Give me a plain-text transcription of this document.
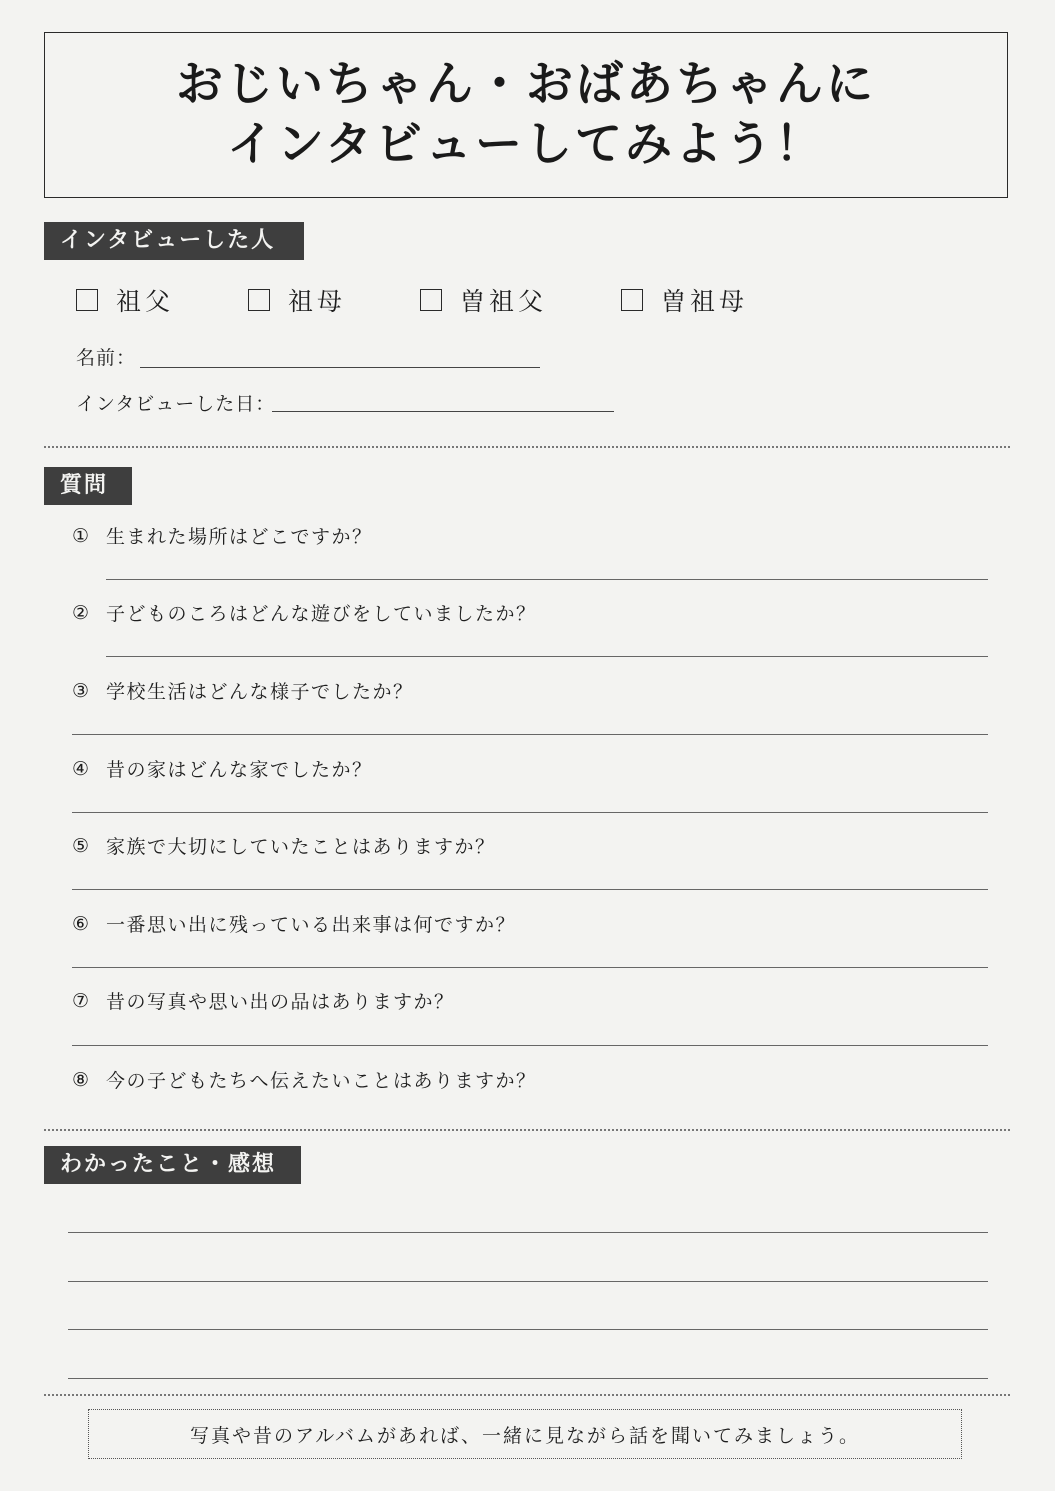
おじいちゃん・おばあちゃんに
インタビューしてみよう！
インタビューした人
祖父	祖母	曽祖父	曽祖母
名前：
インタビューした日：
質問
① 生まれた場所はどこですか？
② 子どものころはどんな遊びをしていましたか？
③ 学校生活はどんな様子でしたか？
④ 昔の家はどんな家でしたか？
⑤ 家族で大切にしていたことはありますか？
⑥ 一番思い出に残っている出来事は何ですか？
⑦ 昔の写真や思い出の品はありますか？
⑧ 今の子どもたちへ伝えたいことはありますか？
わかったこと・感想
写真や昔のアルバムがあれば、一緒に見ながら話を聞いてみましょう。
